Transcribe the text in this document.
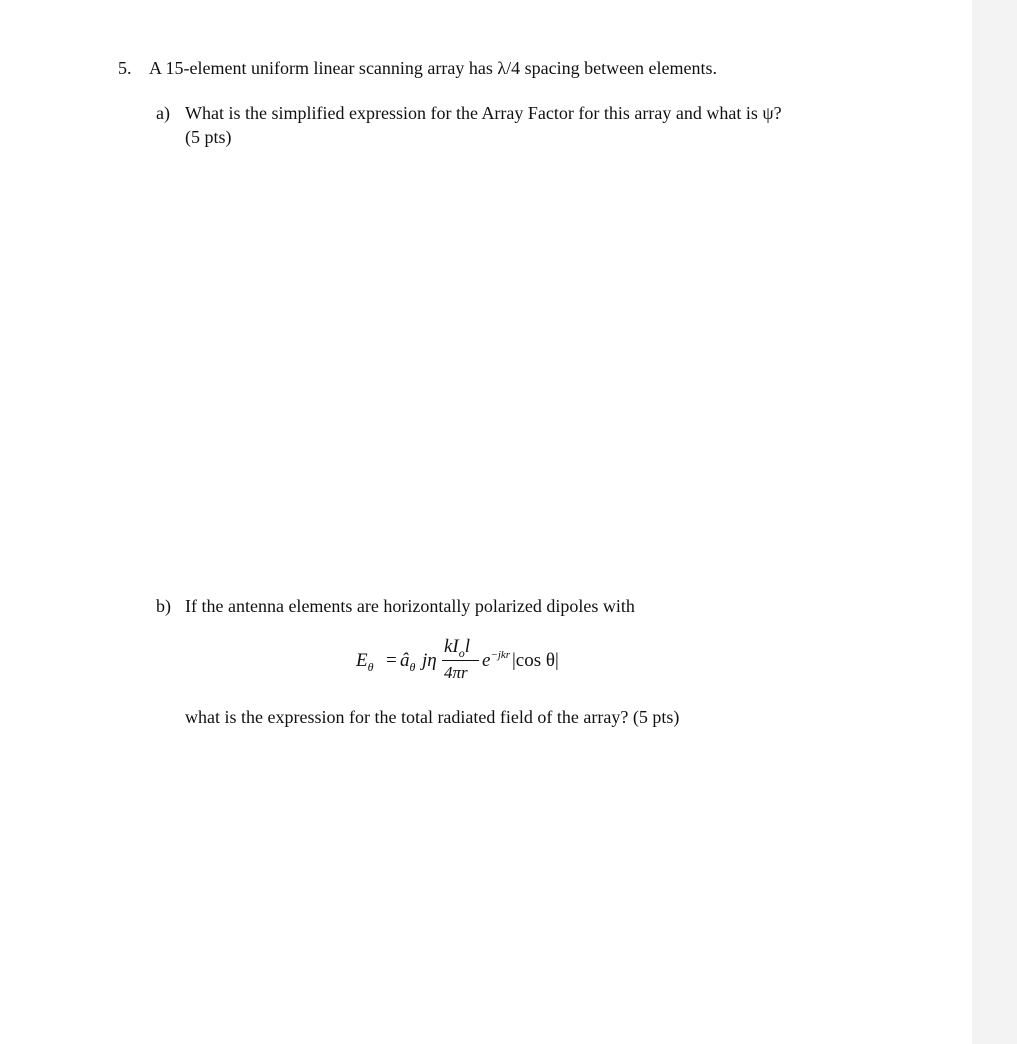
5. A 15-element uniform linear scanning array has λ/4 spacing between elements.
a) What is the simplified expression for the Array Factor for this array and what is ψ?
(5 pts)
b) If the antenna elements are horizontally polarized dipoles with
$E_\theta$ = $â_\theta$ jη
$kI_ol$
4πr
$e^{-jkr}$ |cos θ|
what is the expression for the total radiated field of the array? (5 pts)
